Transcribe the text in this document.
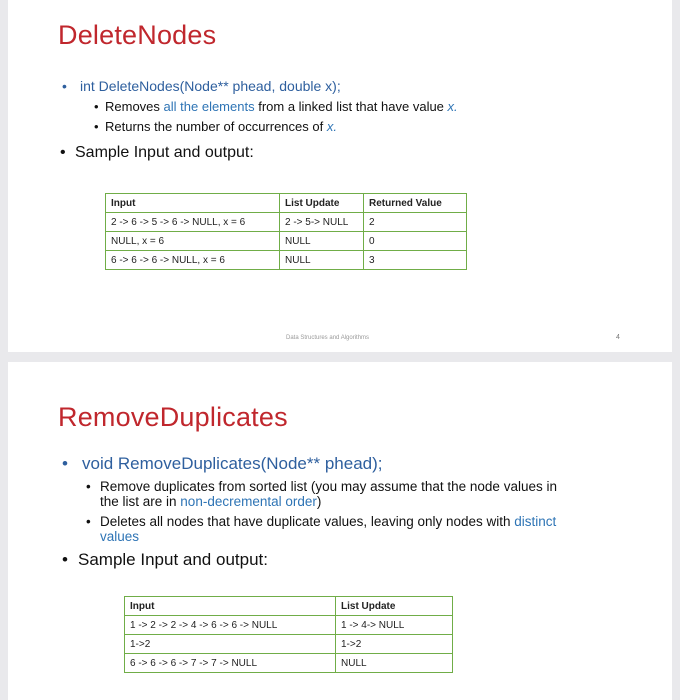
DeleteNodes
• int DeleteNodes(Node** phead, double x);
• Removes all the elements from a linked list that have value x.
• Returns the number of occurrences of x.
• Sample Input and output:
Input	List Update	Returned Value
2 -> 6 -> 5 -> 6 -> NULL, x = 6	2 -> 5-> NULL	2
NULL, x = 6	NULL	0
6 -> 6 -> 6 -> NULL, x = 6	NULL	3
Data Structures and Algorithms	4
RemoveDuplicates
• void RemoveDuplicates(Node** phead);
• Remove duplicates from sorted list (you may assume that the node values in
the list are in non-decremental order)
• Deletes all nodes that have duplicate values, leaving only nodes with distinct
values
• Sample Input and output:
Input	List Update
1 -> 2 -> 2 -> 4 -> 6 -> 6 -> NULL	1 -> 4-> NULL
1->2	1->2
6 -> 6 -> 6 -> 7 -> 7 -> NULL	NULL
